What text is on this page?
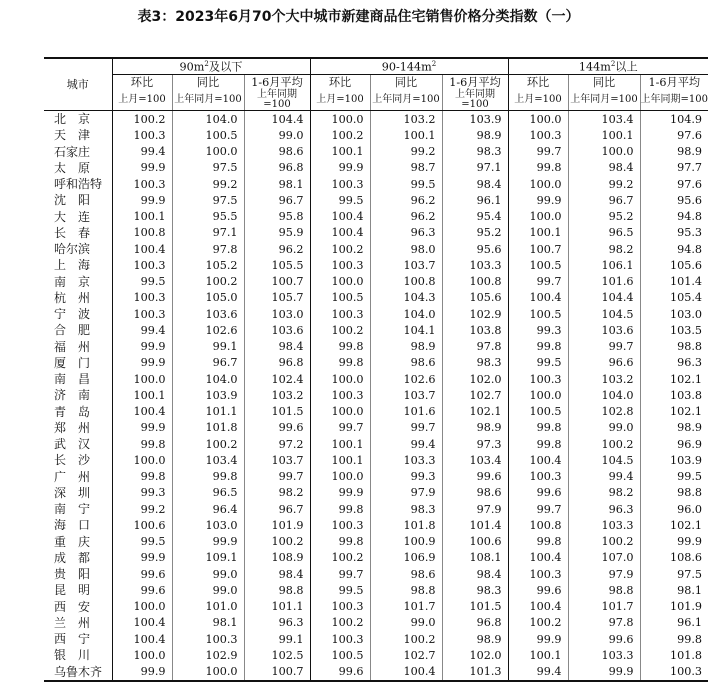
表3：2023年6月70个大中城市新建商品住宅销售价格分类指数（一）
城市	$90m^2$及以下			$90-144m^2$			$144m^2$以上		
	环比	同比	1-6月平均	环比	同比	1-6月平均	环比	同比	1-6月平均
	上月=100	上年同月=100	上年同期=100	上月=100	上年同月=100	上年同期=100	上月=100	上年同月=100	上年同期=100
北　京	100.2	104.0	104.4	100.0	103.2	103.9	100.0	103.4	104.9
天　津	100.3	100.5	99.0	100.2	100.1	98.9	100.3	100.1	97.6
石家庄	99.4	100.0	98.6	100.1	99.2	98.3	99.7	100.0	98.9
太　原	99.9	97.5	96.8	99.9	98.7	97.1	99.8	98.4	97.7
呼和浩特	100.3	99.2	98.1	100.3	99.5	98.4	100.0	99.2	97.6
沈　阳	99.9	97.5	96.7	99.5	96.2	96.1	99.9	96.7	95.6
大　连	100.1	95.5	95.8	100.4	96.2	95.4	100.0	95.2	94.8
长　春	100.8	97.1	95.9	100.4	96.3	95.2	100.1	96.5	95.3
哈尔滨	100.4	97.8	96.2	100.2	98.0	95.6	100.7	98.2	94.8
上　海	100.3	105.2	105.5	100.3	103.7	103.3	100.5	106.1	105.6
南　京	99.5	100.2	100.7	100.0	100.8	100.8	99.7	101.6	101.4
杭　州	100.3	105.0	105.7	100.5	104.3	105.6	100.4	104.4	105.4
宁　波	100.3	103.6	103.0	100.3	104.0	102.9	100.5	104.5	103.0
合　肥	99.4	102.6	103.6	100.2	104.1	103.8	99.3	103.6	103.5
福　州	99.9	99.1	98.4	99.8	98.9	97.8	99.8	99.7	98.8
厦　门	99.9	96.7	96.8	99.8	98.6	98.3	99.5	96.6	96.3
南　昌	100.0	104.0	102.4	100.0	102.6	102.0	100.3	103.2	102.1
济　南	100.1	103.9	103.2	100.3	103.7	102.7	100.0	104.0	103.8
青　岛	100.4	101.1	101.5	100.0	101.6	102.1	100.5	102.8	102.1
郑　州	99.9	101.8	99.6	99.7	99.7	98.9	99.8	99.0	98.9
武　汉	99.8	100.2	97.2	100.1	99.4	97.3	99.8	100.2	96.9
长　沙	100.0	103.4	103.7	100.1	103.3	103.4	100.4	104.5	103.9
广　州	99.8	99.8	99.7	100.0	99.3	99.6	100.3	99.4	99.5
深　圳	99.3	96.5	98.2	99.9	97.9	98.6	99.6	98.2	98.8
南　宁	99.2	96.4	96.7	99.8	98.3	97.9	99.7	96.3	96.0
海　口	100.6	103.0	101.9	100.3	101.8	101.4	100.8	103.3	102.1
重　庆	99.5	99.9	100.2	99.8	100.9	100.6	99.8	100.2	99.9
成　都	99.9	109.1	108.9	100.2	106.9	108.1	100.4	107.0	108.6
贵　阳	99.6	99.0	98.4	99.7	98.6	98.4	100.3	97.9	97.5
昆　明	99.6	99.0	98.8	99.5	98.8	98.3	99.6	98.8	98.1
西　安	100.0	101.0	101.1	100.3	101.7	101.5	100.4	101.7	101.9
兰　州	100.4	98.1	96.3	100.2	99.0	96.8	100.2	97.8	96.1
西　宁	100.4	100.3	99.1	100.3	100.2	98.9	99.9	99.6	99.8
银　川	100.0	102.9	102.5	100.5	102.7	102.0	100.1	103.3	101.8
乌鲁木齐	99.9	100.0	100.7	99.6	100.4	101.3	99.4	99.9	100.3
